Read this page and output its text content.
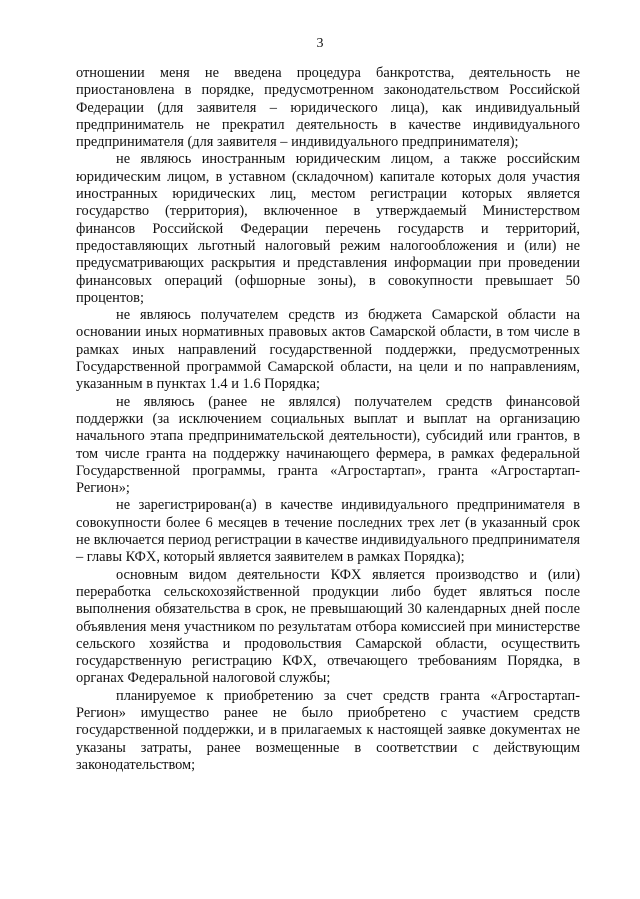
3

отношении меня не введена процедура банкротства, деятельность не приостановлена в порядке, предусмотренном законодательством Российской Федерации (для заявителя – юридического лица), как индивидуальный предприниматель не прекратил деятельность в качестве индивидуального предпринимателя (для заявителя – индивидуального предпринимателя);

не являюсь иностранным юридическим лицом, а также российским юридическим лицом, в уставном (складочном) капитале которых доля участия иностранных юридических лиц, местом регистрации которых является государство (территория), включенное в утверждаемый Министерством финансов Российской Федерации перечень государств и территорий, предоставляющих льготный налоговый режим налогообложения и (или) не предусматривающих раскрытия и представления информации при проведении финансовых операций (офшорные зоны), в совокупности превышает 50 процентов;

не являюсь получателем средств из бюджета Самарской области на основании иных нормативных правовых актов Самарской области, в том числе в рамках иных направлений государственной поддержки, предусмотренных Государственной программой Самарской области, на цели и по направлениям, указанным в пунктах 1.4 и 1.6 Порядка;

не являюсь (ранее не являлся) получателем средств финансовой поддержки (за исключением социальных выплат и выплат на организацию начального этапа предпринимательской деятельности), субсидий или грантов, в том числе гранта на поддержку начинающего фермера, в рамках федеральной Государственной программы, гранта «Агростартап», гранта «Агростартап-Регион»;

не зарегистрирован(а) в качестве индивидуального предпринимателя в совокупности более 6 месяцев в течение последних трех лет (в указанный срок не включается период регистрации в качестве индивидуального предпринимателя – главы КФХ, который является заявителем в рамках Порядка);

основным видом деятельности КФХ является производство и (или) переработка сельскохозяйственной продукции либо будет являться после выполнения обязательства в срок, не превышающий 30 календарных дней после объявления меня участником по результатам отбора комиссией при министерстве сельского хозяйства и продовольствия Самарской области, осуществить государственную регистрацию КФХ, отвечающего требованиям Порядка, в органах Федеральной налоговой службы;

планируемое к приобретению за счет средств гранта «Агростартап-Регион» имущество ранее не было приобретено с участием средств государственной поддержки, и в прилагаемых к настоящей заявке документах не указаны затраты, ранее возмещенные в соответствии с действующим законодательством;
